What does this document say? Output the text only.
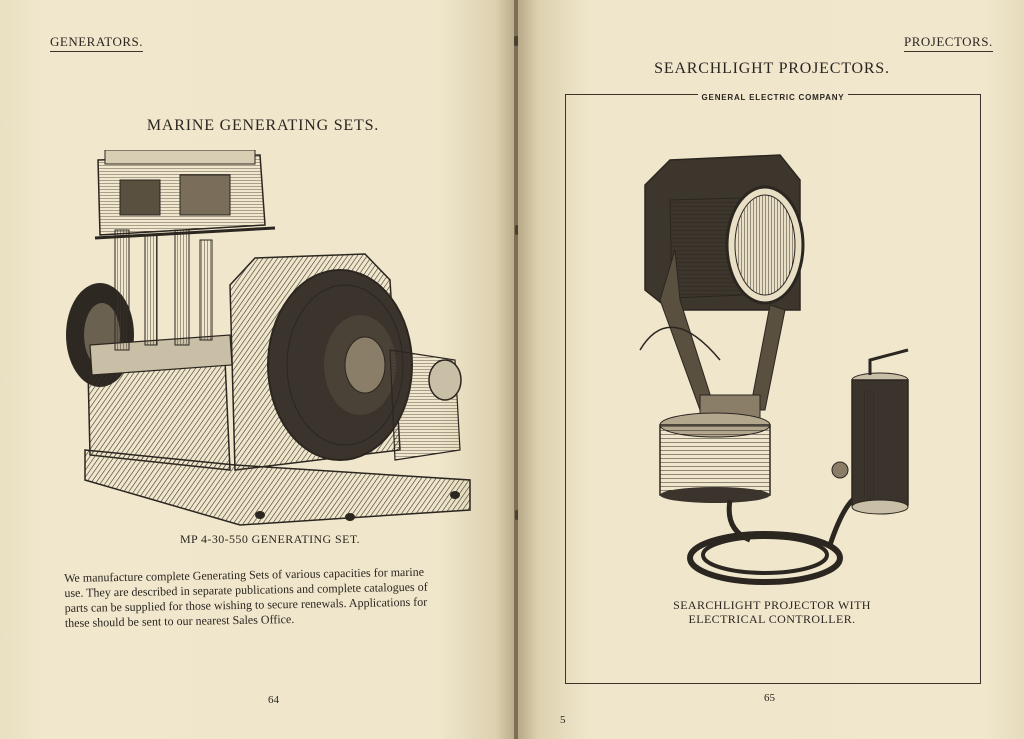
GENERATORS.
MARINE GENERATING SETS.
MP 4-30-550 GENERATING SET.
We manufacture complete Generating Sets of various capacities for marine
use. They are described in separate publications and complete catalogues of
parts can be supplied for those wishing to secure renewals. Applications for
these should be sent to our nearest Sales Office.
64
PROJECTORS.
SEARCHLIGHT PROJECTORS.
GENERAL ELECTRIC COMPANY
SEARCHLIGHT PROJECTOR WITH
ELECTRICAL CONTROLLER.
65
5
